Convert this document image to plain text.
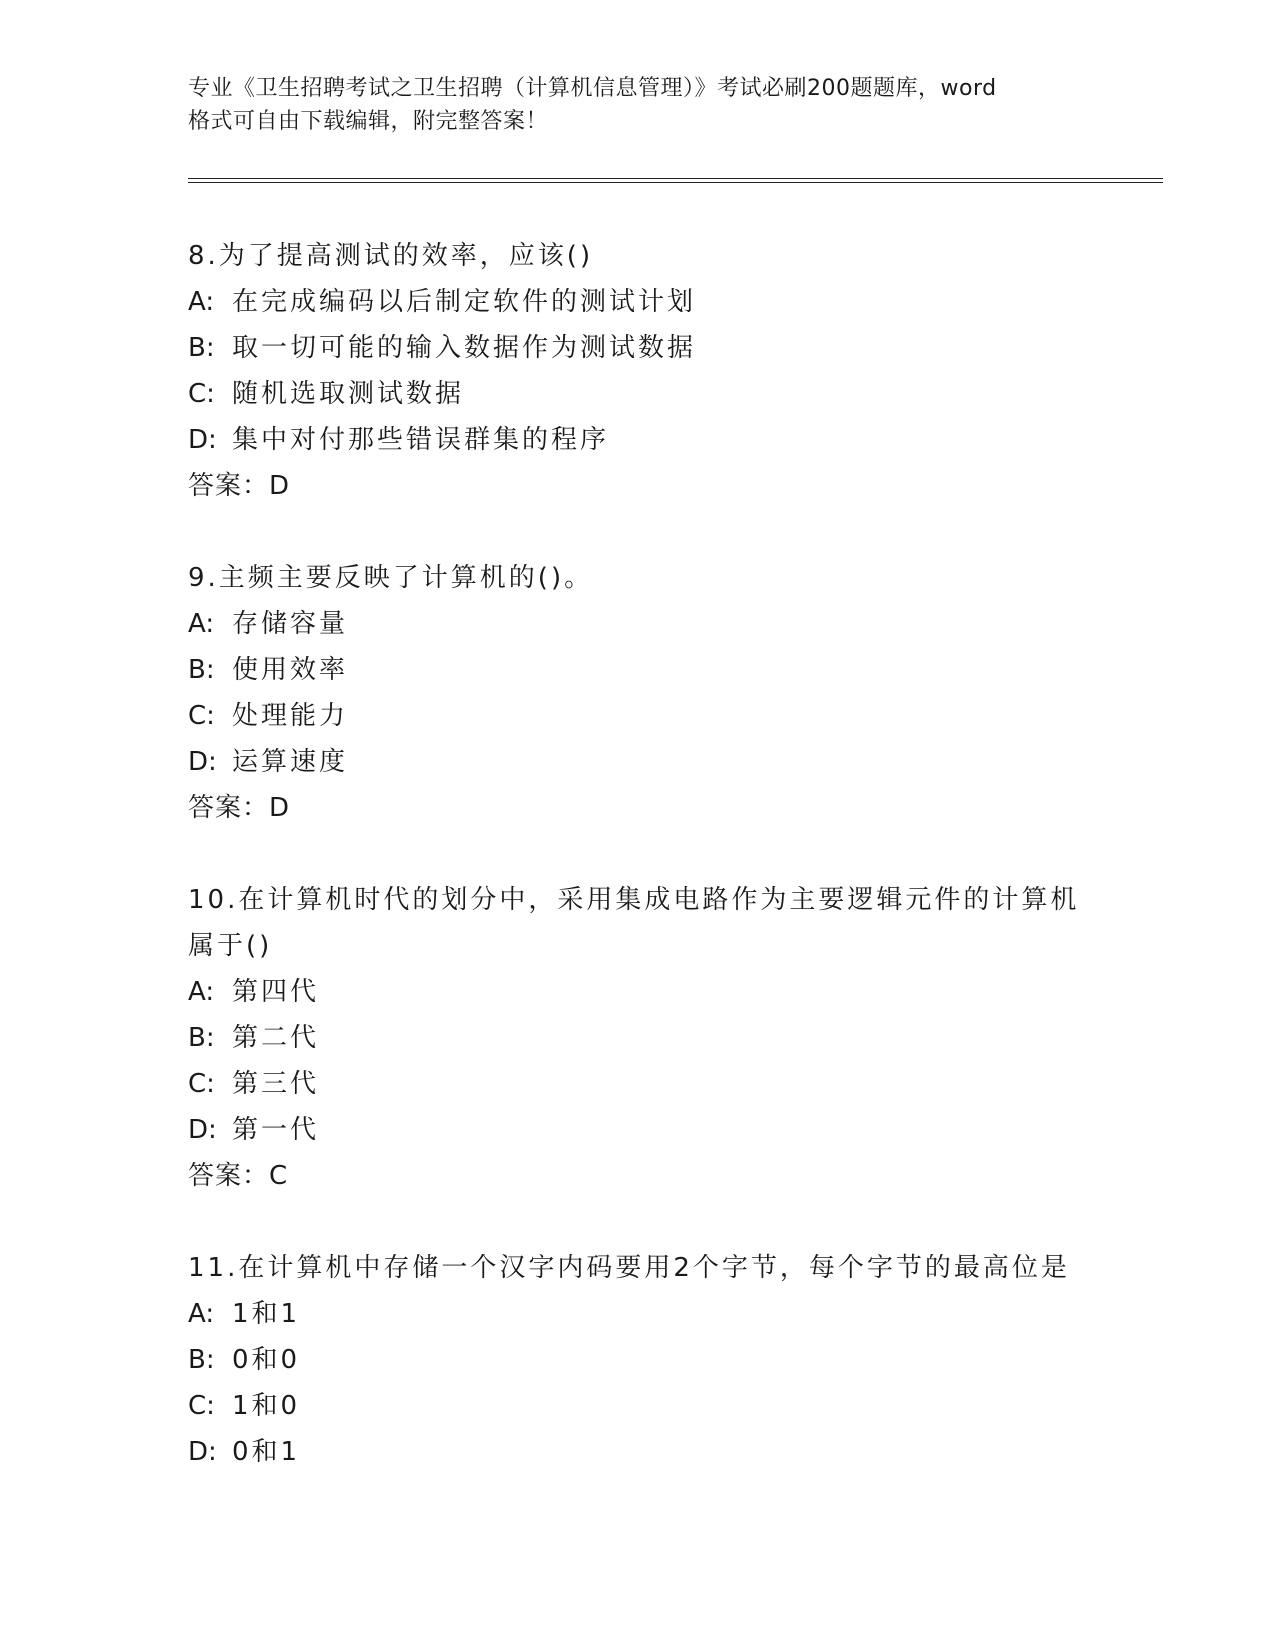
专业《卫生招聘考试之卫生招聘（计算机信息管理）》考试必刷200题题库，word
格式可自由下载编辑，附完整答案！
8.为了提高测试的效率，应该()
A: 在完成编码以后制定软件的测试计划
B: 取一切可能的输入数据作为测试数据
C: 随机选取测试数据
D: 集中对付那些错误群集的程序
答案：D
9.主频主要反映了计算机的()。
A: 存储容量
B: 使用效率
C: 处理能力
D: 运算速度
答案：D
10.在计算机时代的划分中，采用集成电路作为主要逻辑元件的计算机
属于()
A: 第四代
B: 第二代
C: 第三代
D: 第一代
答案：C
11.在计算机中存储一个汉字内码要用2个字节，每个字节的最高位是
A: 1和1
B: 0和0
C: 1和0
D: 0和1
